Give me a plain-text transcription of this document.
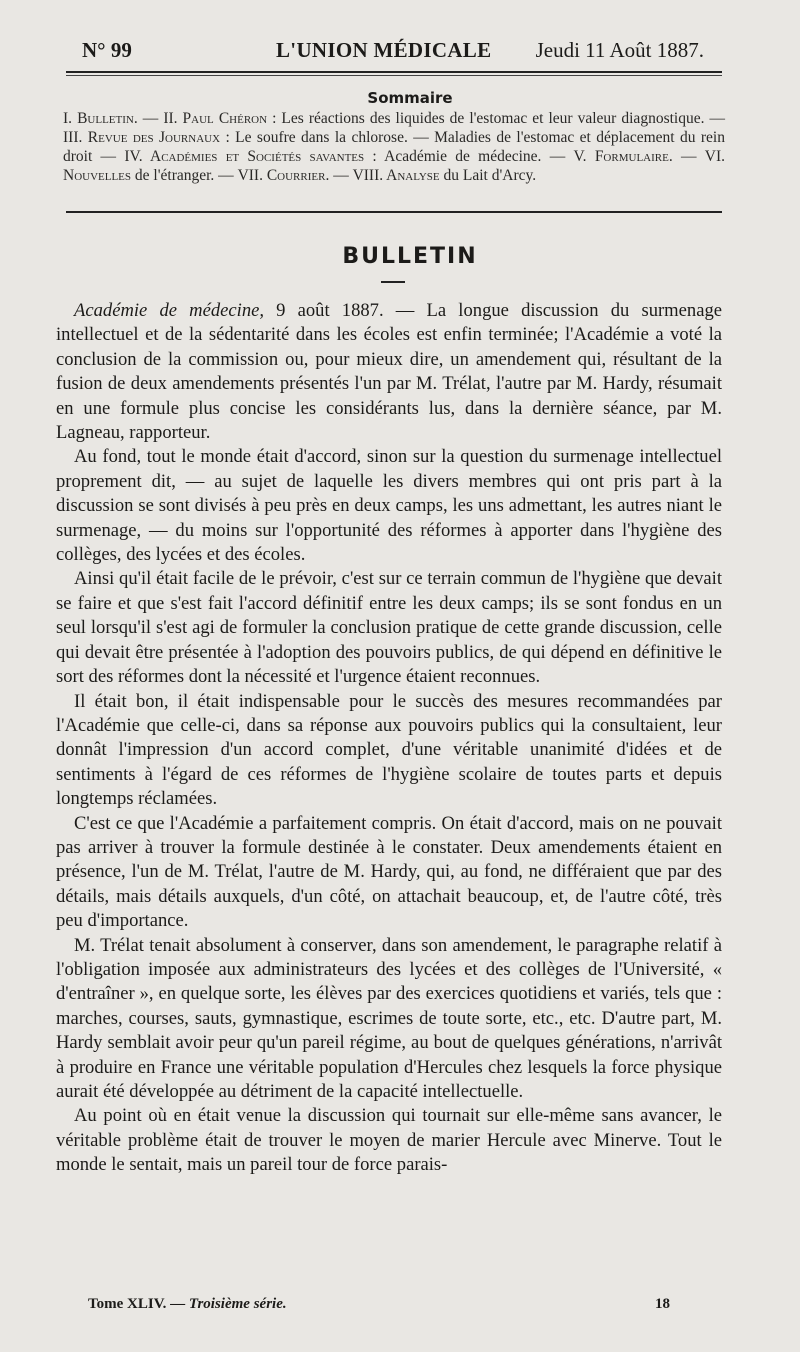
N° 99	L'UNION MÉDICALE Jeudi 11 Août 1887.
Sommaire
I. Bulletin. — II. Paul Chéron : Les réactions des liquides de l'estomac et leur valeur diagnostique. — III. Revue des Journaux : Le soufre dans la chlorose. — Maladies de l'estomac et déplacement du rein droit — IV. Académies et Sociétés savantes : Académie de médecine. — V. Formulaire. — VI. Nouvelles de l'étranger. — VII. Courrier. — VIII. Analyse du Lait d'Arcy.
BULLETIN

Académie de médecine, 9 août 1887. — La longue discussion du surmenage intellectuel et de la sédentarité dans les écoles est enfin terminée; l'Académie a voté la conclusion de la commission ou, pour mieux dire, un amendement qui, résultant de la fusion de deux amendements présentés l'un par M. Trélat, l'autre par M. Hardy, résumait en une formule plus concise les considérants lus, dans la dernière séance, par M. Lagneau, rapporteur.

Au fond, tout le monde était d'accord, sinon sur la question du surmenage intellectuel proprement dit, — au sujet de laquelle les divers membres qui ont pris part à la discussion se sont divisés à peu près en deux camps, les uns admettant, les autres niant le surmenage, — du moins sur l'opportunité des réformes à apporter dans l'hygiène des collèges, des lycées et des écoles.

Ainsi qu'il était facile de le prévoir, c'est sur ce terrain commun de l'hygiène que devait se faire et que s'est fait l'accord définitif entre les deux camps; ils se sont fondus en un seul lorsqu'il s'est agi de formuler la conclusion pratique de cette grande discussion, celle qui devait être présentée à l'adoption des pouvoirs publics, de qui dépend en définitive le sort des réformes dont la nécessité et l'urgence étaient reconnues.

Il était bon, il était indispensable pour le succès des mesures recommandées par l'Académie que celle-ci, dans sa réponse aux pouvoirs publics qui la consultaient, leur donnât l'impression d'un accord complet, d'une véritable unanimité d'idées et de sentiments à l'égard de ces réformes de l'hygiène scolaire de toutes parts et depuis longtemps réclamées.

C'est ce que l'Académie a parfaitement compris. On était d'accord, mais on ne pouvait pas arriver à trouver la formule destinée à le constater. Deux amendements étaient en présence, l'un de M. Trélat, l'autre de M. Hardy, qui, au fond, ne différaient que par des détails, mais détails auxquels, d'un côté, on attachait beaucoup, et, de l'autre côté, très peu d'importance.

M. Trélat tenait absolument à conserver, dans son amendement, le paragraphe relatif à l'obligation imposée aux administrateurs des lycées et des collèges de l'Université, « d'entraîner », en quelque sorte, les élèves par des exercices quotidiens et variés, tels que : marches, courses, sauts, gymnastique, escrimes de toute sorte, etc., etc. D'autre part, M. Hardy semblait avoir peur qu'un pareil régime, au bout de quelques générations, n'arrivât à produire en France une véritable population d'Hercules chez lesquels la force physique aurait été développée au détriment de la capacité intellectuelle.

Au point où en était venue la discussion qui tournait sur elle-même sans avancer, le véritable problème était de trouver le moyen de marier Hercule avec Minerve. Tout le monde le sentait, mais un pareil tour de force parais-

Tome XLIV. — Troisième série.	18
